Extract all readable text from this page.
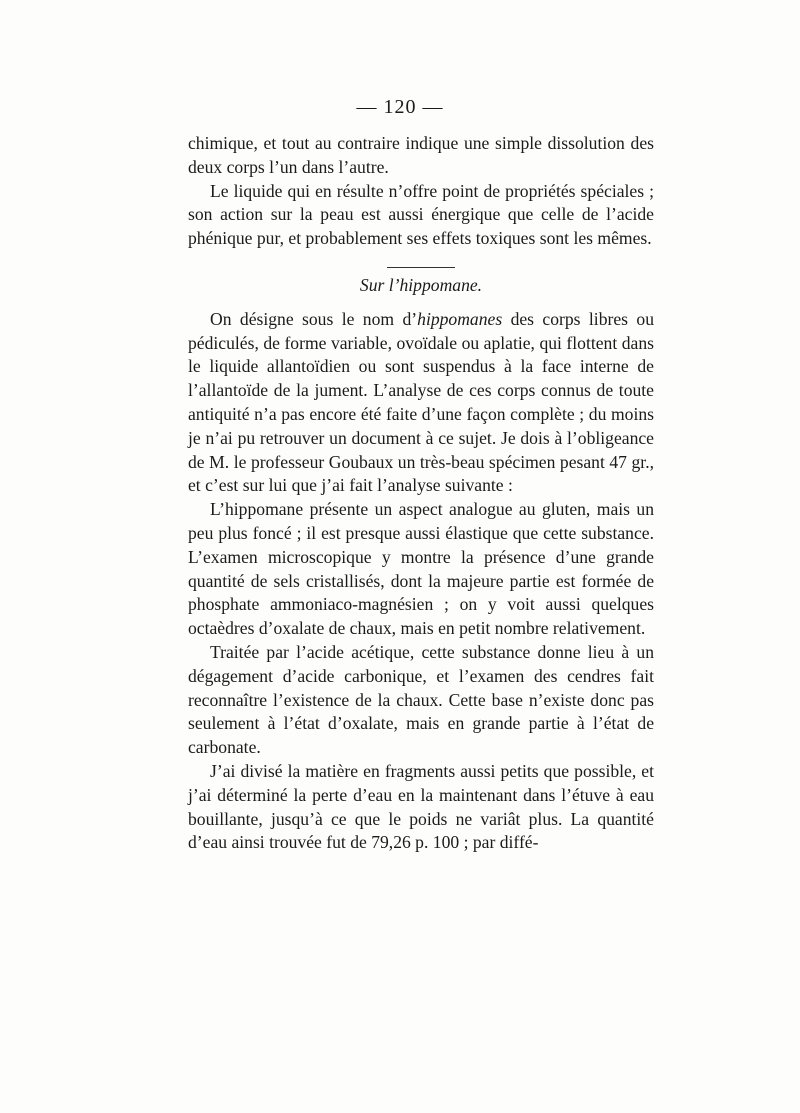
— 120 —

chimique, et tout au contraire indique une simple dissolution des deux corps l’un dans l’autre.

Le liquide qui en résulte n’offre point de propriétés spéciales ; son action sur la peau est aussi énergique que celle de l’acide phénique pur, et probablement ses effets toxiques sont les mêmes.

Sur l’hippomane.

On désigne sous le nom d’hippomanes des corps libres ou pédiculés, de forme variable, ovoïdale ou aplatie, qui flottent dans le liquide allantoïdien ou sont suspendus à la face interne de l’allantoïde de la jument. L’analyse de ces corps connus de toute antiquité n’a pas encore été faite d’une façon complète ; du moins je n’ai pu retrouver un document à ce sujet. Je dois à l’obligeance de M. le professeur Goubaux un très-beau spécimen pesant 47 gr., et c’est sur lui que j’ai fait l’analyse suivante :

L’hippomane présente un aspect analogue au gluten, mais un peu plus foncé ; il est presque aussi élastique que cette substance. L’examen microscopique y montre la présence d’une grande quantité de sels cristallisés, dont la majeure partie est formée de phosphate ammoniaco-magnésien ; on y voit aussi quelques octaèdres d’oxalate de chaux, mais en petit nombre relativement.

Traitée par l’acide acétique, cette substance donne lieu à un dégagement d’acide carbonique, et l’examen des cendres fait reconnaître l’existence de la chaux. Cette base n’existe donc pas seulement à l’état d’oxalate, mais en grande partie à l’état de carbonate.

J’ai divisé la matière en fragments aussi petits que possible, et j’ai déterminé la perte d’eau en la maintenant dans l’étuve à eau bouillante, jusqu’à ce que le poids ne variât plus. La quantité d’eau ainsi trouvée fut de 79,26 p. 100 ; par diffé-
